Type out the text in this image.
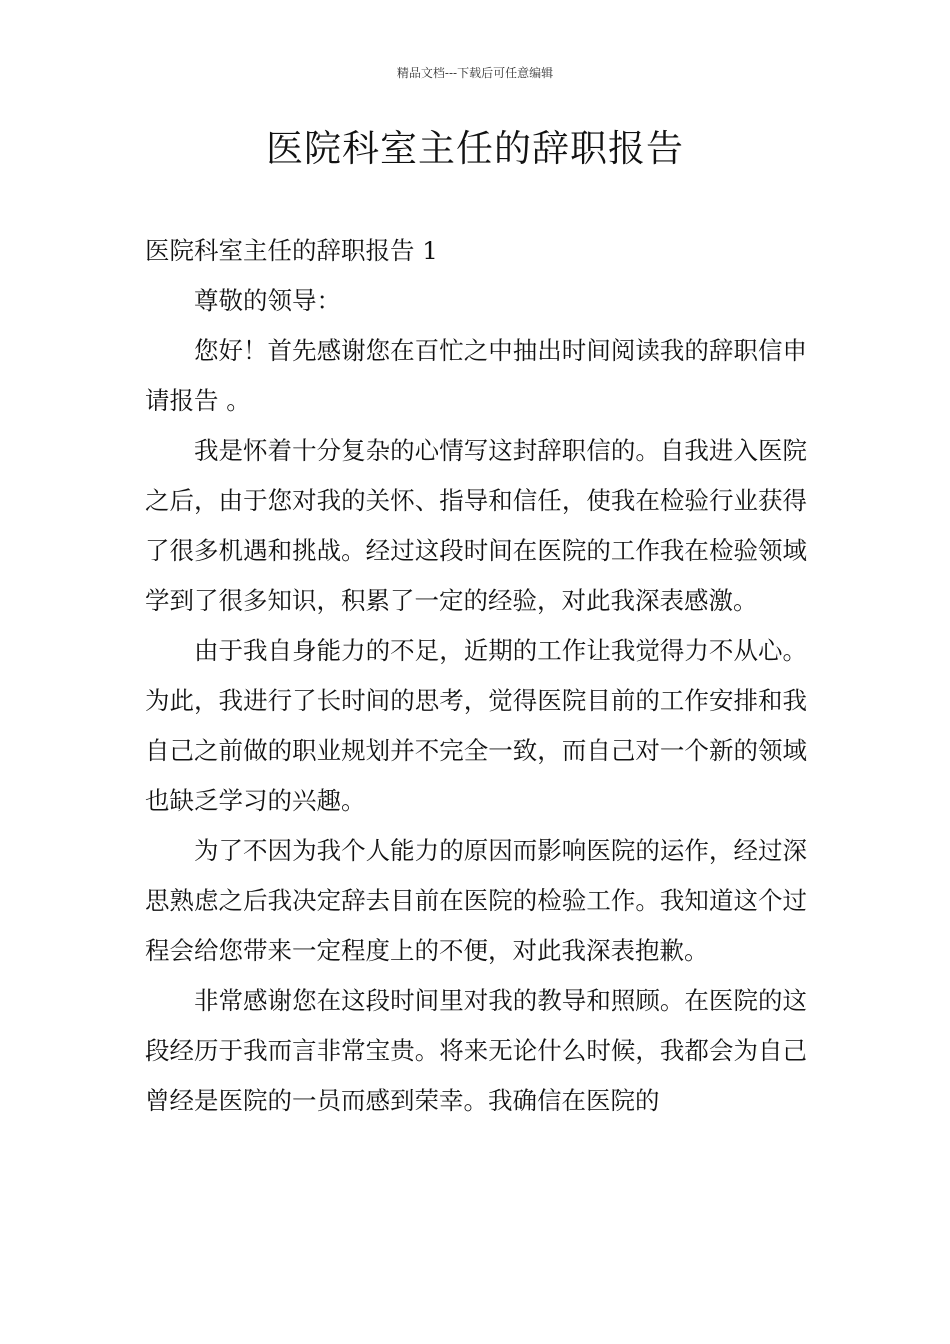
精品文档---下载后可任意编辑
医院科室主任的辞职报告

医院科室主任的辞职报告 1

尊敬的领导：

您好！首先感谢您在百忙之中抽出时间阅读我的辞职信申请报告 。

我是怀着十分复杂的心情写这封辞职信的。自我进入医院之后，由于您对我的关怀、指导和信任，使我在检验行业获得了很多机遇和挑战。经过这段时间在医院的工作我在检验领域学到了很多知识，积累了一定的经验，对此我深表感激。

由于我自身能力的不足，近期的工作让我觉得力不从心。为此，我进行了长时间的思考，觉得医院目前的工作安排和我自己之前做的职业规划并不完全一致，而自己对一个新的领域也缺乏学习的兴趣。

为了不因为我个人能力的原因而影响医院的运作，经过深思熟虑之后我决定辞去目前在医院的检验工作。我知道这个过程会给您带来一定程度上的不便，对此我深表抱歉。

非常感谢您在这段时间里对我的教导和照顾。在医院的这段经历于我而言非常宝贵。将来无论什么时候，我都会为自己曾经是医院的一员而感到荣幸。我确信在医院的
